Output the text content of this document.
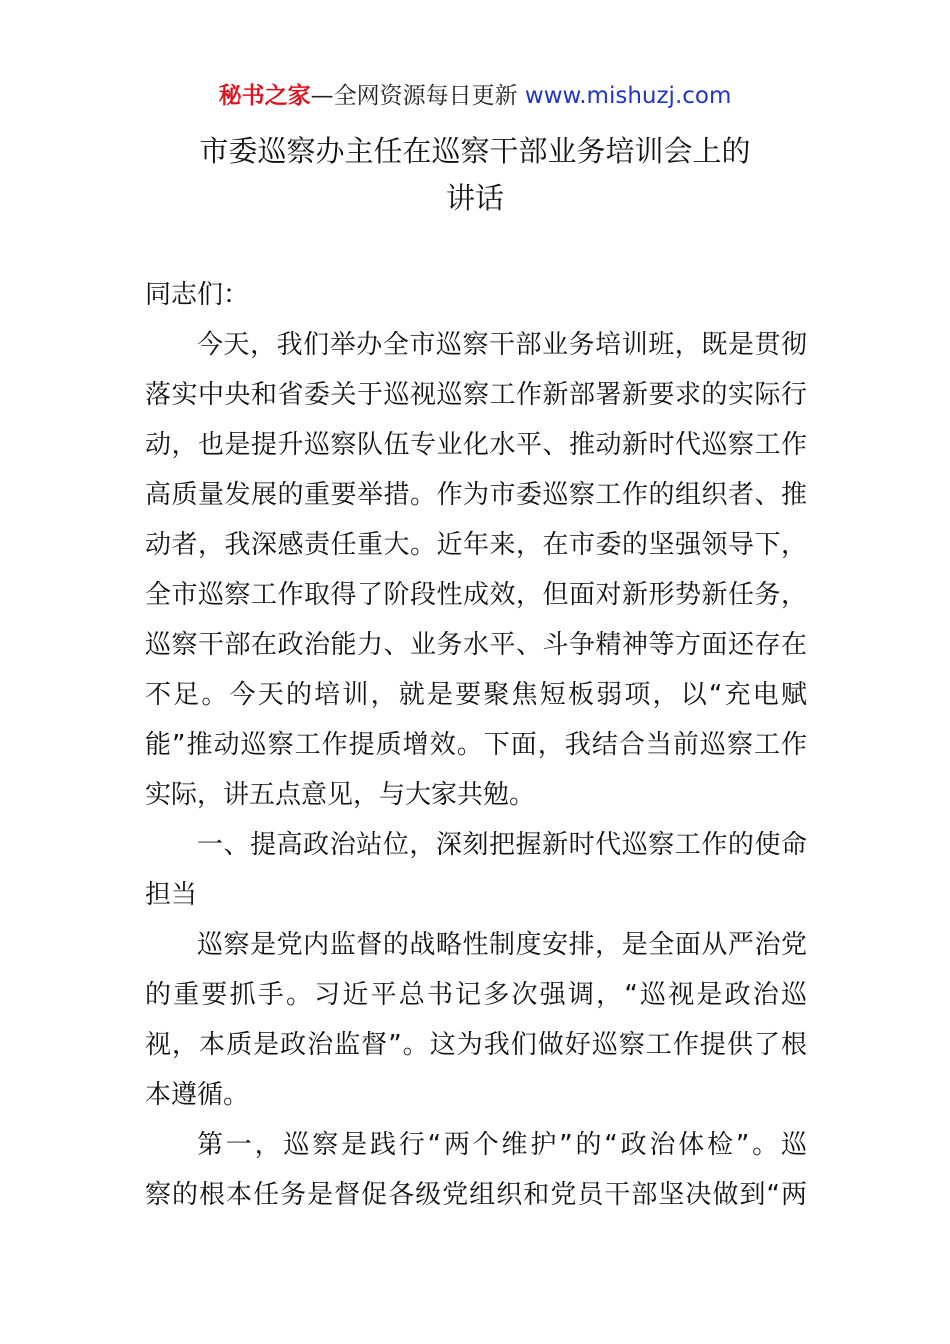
秘书之家—全网资源每日更新 www.mishuzj.com
市委巡察办主任在巡察干部业务培训会上的
讲话

同志们：

今天，我们举办全市巡察干部业务培训班，既是贯彻

落实中央和省委关于巡视巡察工作新部署新要求的实际行

动，也是提升巡察队伍专业化水平、推动新时代巡察工作

高质量发展的重要举措。作为市委巡察工作的组织者、推

动者，我深感责任重大。近年来，在市委的坚强领导下，

全市巡察工作取得了阶段性成效，但面对新形势新任务，

巡察干部在政治能力、业务水平、斗争精神等方面还存在

不足。今天的培训，就是要聚焦短板弱项，以“充电赋

能”推动巡察工作提质增效。下面，我结合当前巡察工作

实际，讲五点意见，与大家共勉。

一、提高政治站位，深刻把握新时代巡察工作的使命

担当

巡察是党内监督的战略性制度安排，是全面从严治党

的重要抓手。习近平总书记多次强调，“巡视是政治巡

视，本质是政治监督”。这为我们做好巡察工作提供了根

本遵循。

第一，巡察是践行“两个维护”的“政治体检”。巡

察的根本任务是督促各级党组织和党员干部坚决做到“两
